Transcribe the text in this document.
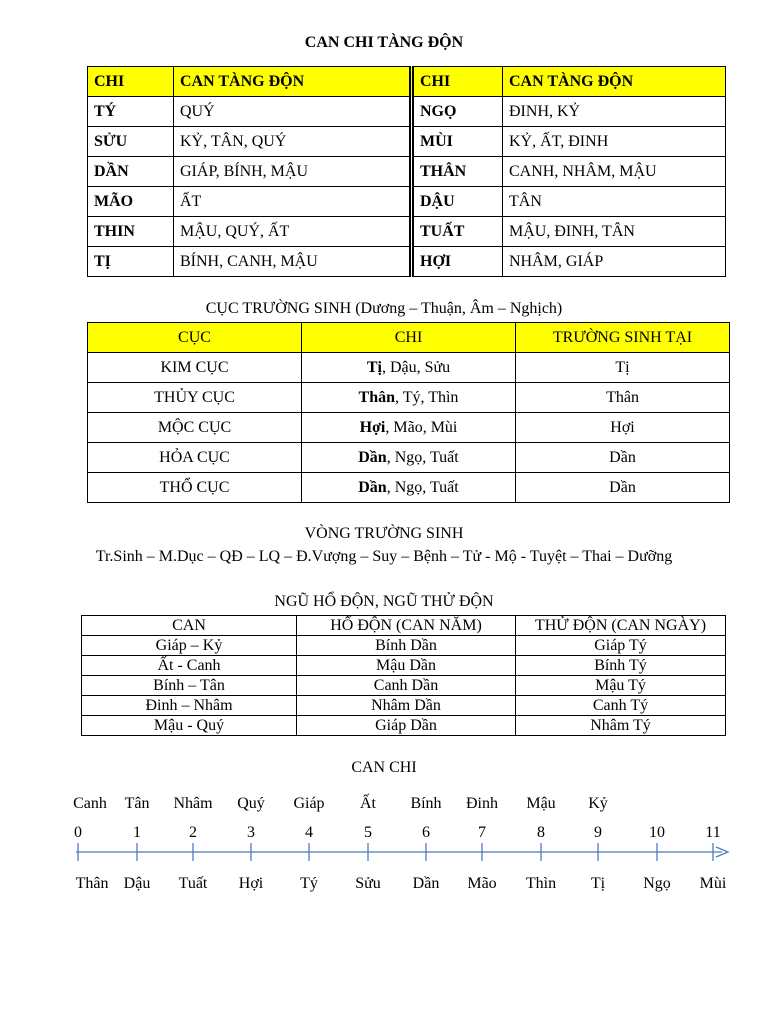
CAN CHI TÀNG ĐỘN
CHI	CAN TÀNG ĐỘN	CHI	CAN TÀNG ĐỘN
TÝ	QUÝ	NGỌ	ĐINH, KỶ
SỬU	KỶ, TÂN, QUÝ	MÙI	KỶ, ẤT, ĐINH
DẦN	GIÁP, BÍNH, MẬU	THÂN	CANH, NHÂM, MẬU
MÃO	ẤT	DẬU	TÂN
THIN	MẬU, QUÝ, ẤT	TUẤT	MẬU, ĐINH, TÂN
TỊ	BÍNH, CANH, MẬU	HỢI	NHÂM, GIÁP
CỤC TRƯỜNG SINH (Dương – Thuận, Âm – Nghịch)
CỤC	CHI	TRƯỜNG SINH TẠI
KIM CỤC	Tị, Dậu, Sửu	Tị
THỦY CỤC	Thân, Tý, Thìn	Thân
MỘC CỤC	Hợi, Mão, Mùi	Hợi
HỎA CỤC	Dần, Ngọ, Tuất	Dần
THỔ CỤC	Dần, Ngọ, Tuất	Dần
VÒNG TRƯỜNG SINH
Tr.Sinh – M.Dục – QĐ – LQ – Đ.Vượng – Suy – Bệnh – Tử - Mộ - Tuyệt – Thai – Dưỡng
NGŨ HỔ ĐỘN, NGŨ THỬ ĐỘN
CAN	HỔ ĐỘN (CAN NĂM)	THỬ ĐỘN (CAN NGÀY)
Giáp – Kỷ	Bính Dần	Giáp Tý
Ất - Canh	Mậu Dần	Bính Tý
Bính – Tân	Canh Dần	Mậu Tý
Đinh – Nhâm	Nhâm Dần	Canh Tý
Mậu - Quý	Giáp Dần	Nhâm Tý
CAN CHI
Canh Tân Nhâm Quý Giáp Ất Bính Đinh Mậu Kỷ
0	1	2	3	4	5	6	7	8	9	10	11
Thân Dậu Tuất Hợi Tý Sửu Dần Mão Thìn Tị Ngọ Mùi
